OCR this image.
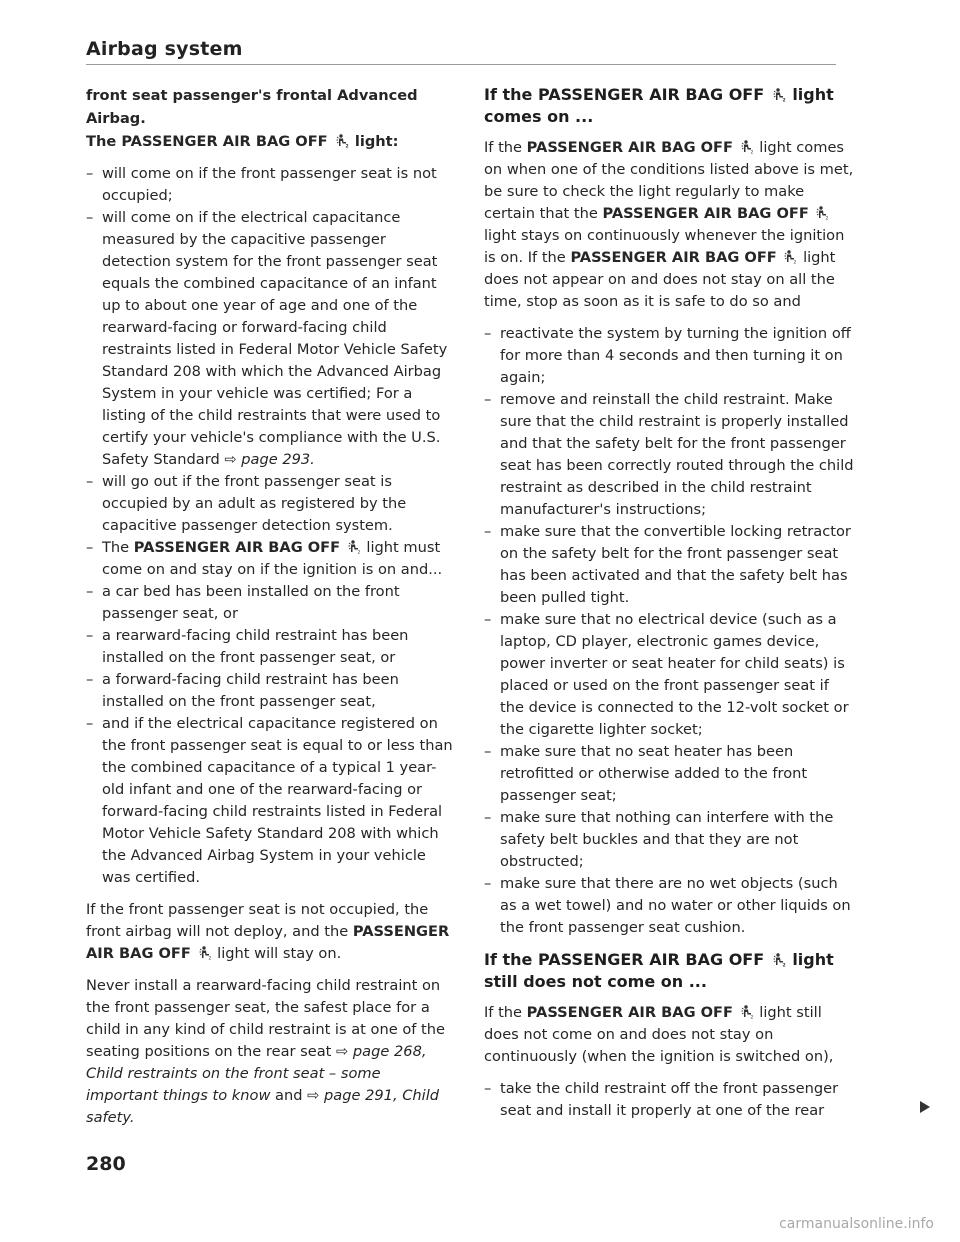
Airbag system
front seat passenger's frontal Advanced Airbag.
The PASSENGER AIR BAG OFF light:
– will come on if the front passenger seat is not occupied;
– will come on if the electrical capacitance measured by the capacitive passenger detection system for the front passenger seat equals the combined capacitance of an infant up to about one year of age and one of the rearward-facing or forward-facing child restraints listed in Federal Motor Vehicle Safety Standard 208 with which the Advanced Airbag System in your vehicle was certified; For a listing of the child restraints that were used to certify your vehicle's compliance with the U.S. Safety Standard ⇨ page 293.
– will go out if the front passenger seat is occupied by an adult as registered by the capacitive passenger detection system.
– The PASSENGER AIR BAG OFF light must come on and stay on if the ignition is on and...
– a car bed has been installed on the front passenger seat, or
– a rearward-facing child restraint has been installed on the front passenger seat, or
– a forward-facing child restraint has been installed on the front passenger seat,
– and if the electrical capacitance registered on the front passenger seat is equal to or less than the combined capacitance of a typical 1 year-old infant and one of the rearward-facing or forward-facing child restraints listed in Federal Motor Vehicle Safety Standard 208 with which the Advanced Airbag System in your vehicle was certified.

If the front passenger seat is not occupied, the front airbag will not deploy, and the PASSENGER AIR BAG OFF light will stay on.

Never install a rearward-facing child restraint on the front passenger seat, the safest place for a child in any kind of child restraint is at one of the seating positions on the rear seat ⇨ page 268, Child restraints on the front seat – some important things to know and ⇨ page 291, Child safety.

If the PASSENGER AIR BAG OFF light comes on ...

If the PASSENGER AIR BAG OFF light comes on when one of the conditions listed above is met, be sure to check the light regularly to make certain that the PASSENGER AIR BAG OFF  light stays on continuously whenever the ignition is on. If the PASSENGER AIR BAG OFF light does not appear on and does not stay on all the time, stop as soon as it is safe to do so and

– reactivate the system by turning the ignition off for more than 4 seconds and then turning it on again;
– remove and reinstall the child restraint. Make sure that the child restraint is properly installed and that the safety belt for the front passenger seat has been correctly routed through the child restraint as described in the child restraint manufacturer's instructions;
– make sure that the convertible locking retractor on the safety belt for the front passenger seat has been activated and that the safety belt has been pulled tight.
– make sure that no electrical device (such as a laptop, CD player, electronic games device, power inverter or seat heater for child seats) is placed or used on the front passenger seat if the device is connected to the 12-volt socket or the cigarette lighter socket;
– make sure that no seat heater has been retrofitted or otherwise added to the front passenger seat;
– make sure that nothing can interfere with the safety belt buckles and that they are not obstructed;
– make sure that there are no wet objects (such as a wet towel) and no water or other liquids on the front passenger seat cushion.
If the PASSENGER AIR BAG OFF light still does not come on ...

If the PASSENGER AIR BAG OFF light still does not come on and does not stay on continuously (when the ignition is switched on),

– take the child restraint off the front passenger seat and install it properly at one of the rear
280
carmanualsonline.info
